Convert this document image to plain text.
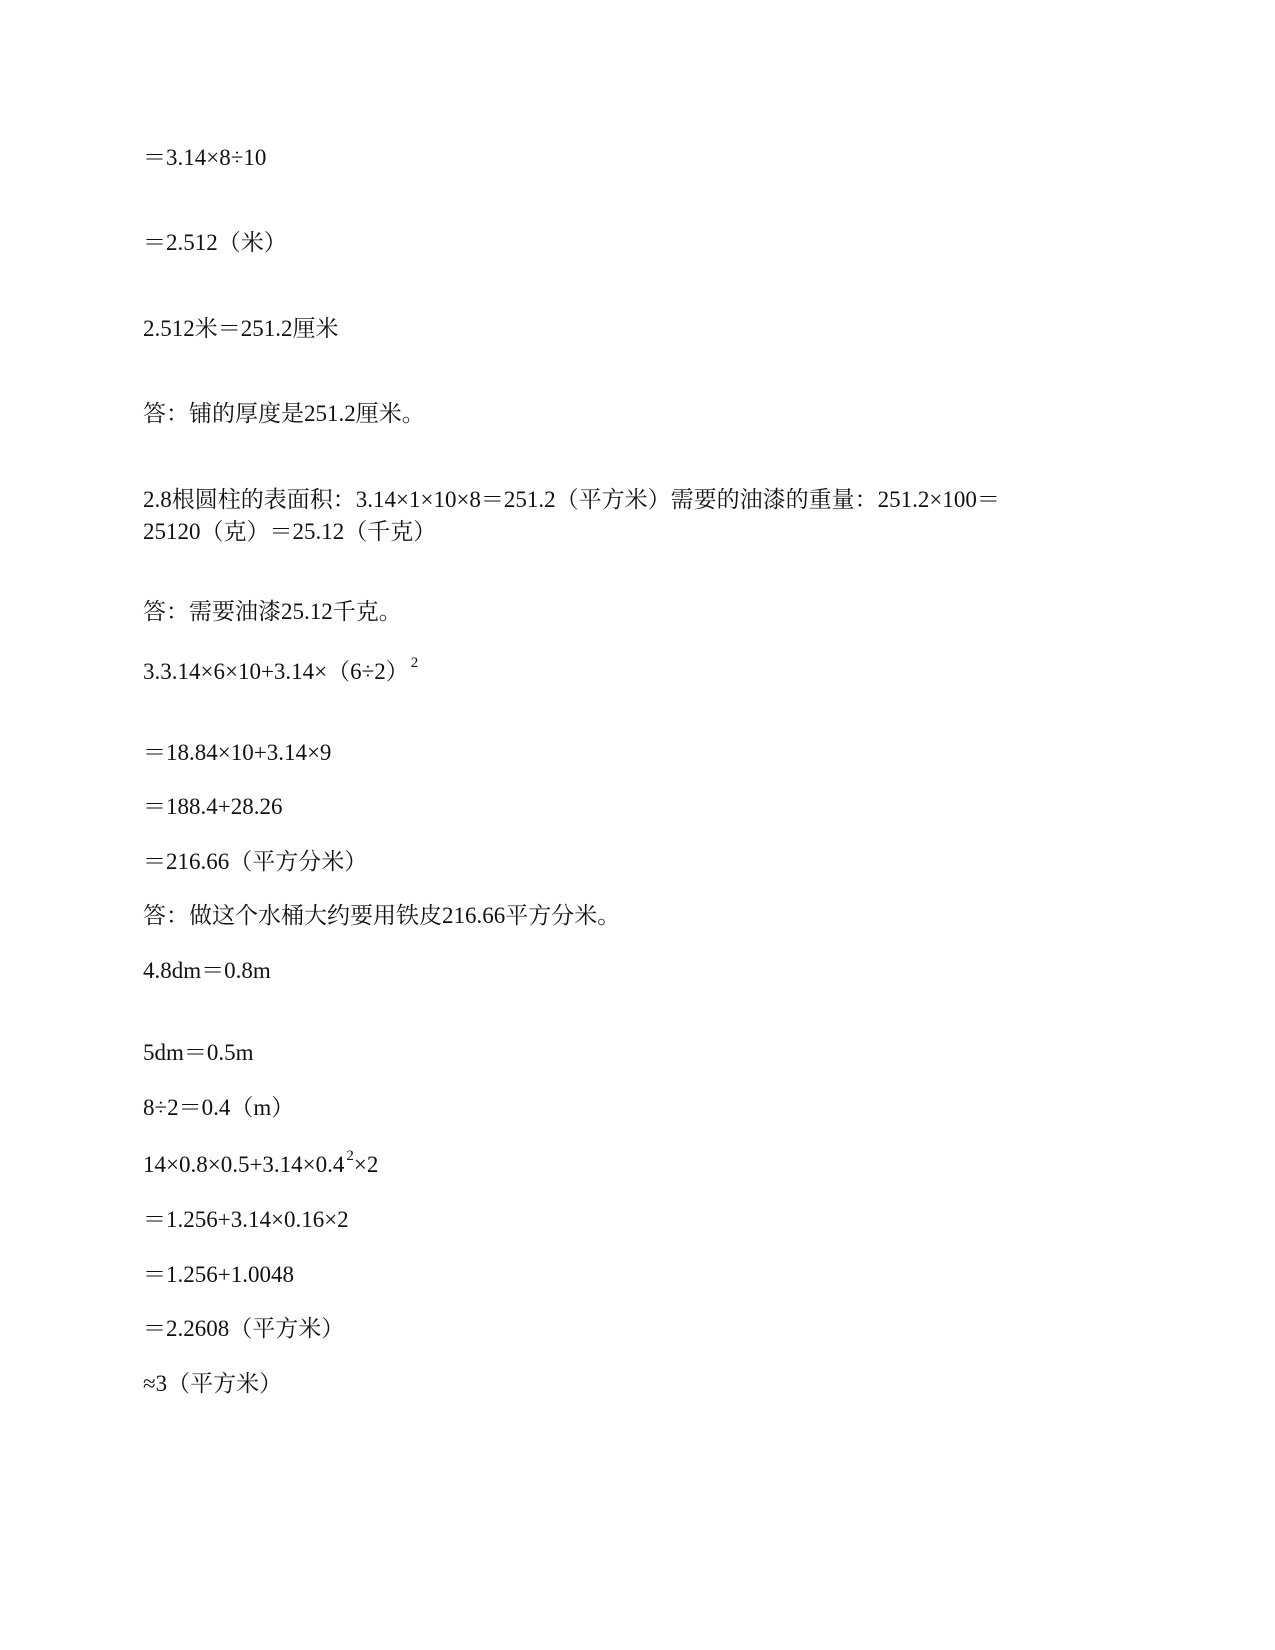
＝3.14×8÷10
＝2.512（米）
2.512米＝251.2厘米
答：铺的厚度是251.2厘米。
2.8根圆柱的表面积：3.14×1×10×8＝251.2（平方米）需要的油漆的重量：251.2×100＝
25120（克）＝25.12（千克）
答：需要油漆25.12千克。
3.3.14×6×10+3.14×（6÷2） $^2$
＝18.84×10+3.14×9
＝188.4+28.26
＝216.66（平方分米）
答：做这个水桶大约要用铁皮216.66平方分米。
4.8dm＝0.8m
5dm＝0.5m
8÷2＝0.4（m）
14×0.8×0.5+3.14×0.4 $^2$×2
＝1.256+3.14×0.16×2
＝1.256+1.0048
＝2.2608（平方米）
≈3（平方米）
